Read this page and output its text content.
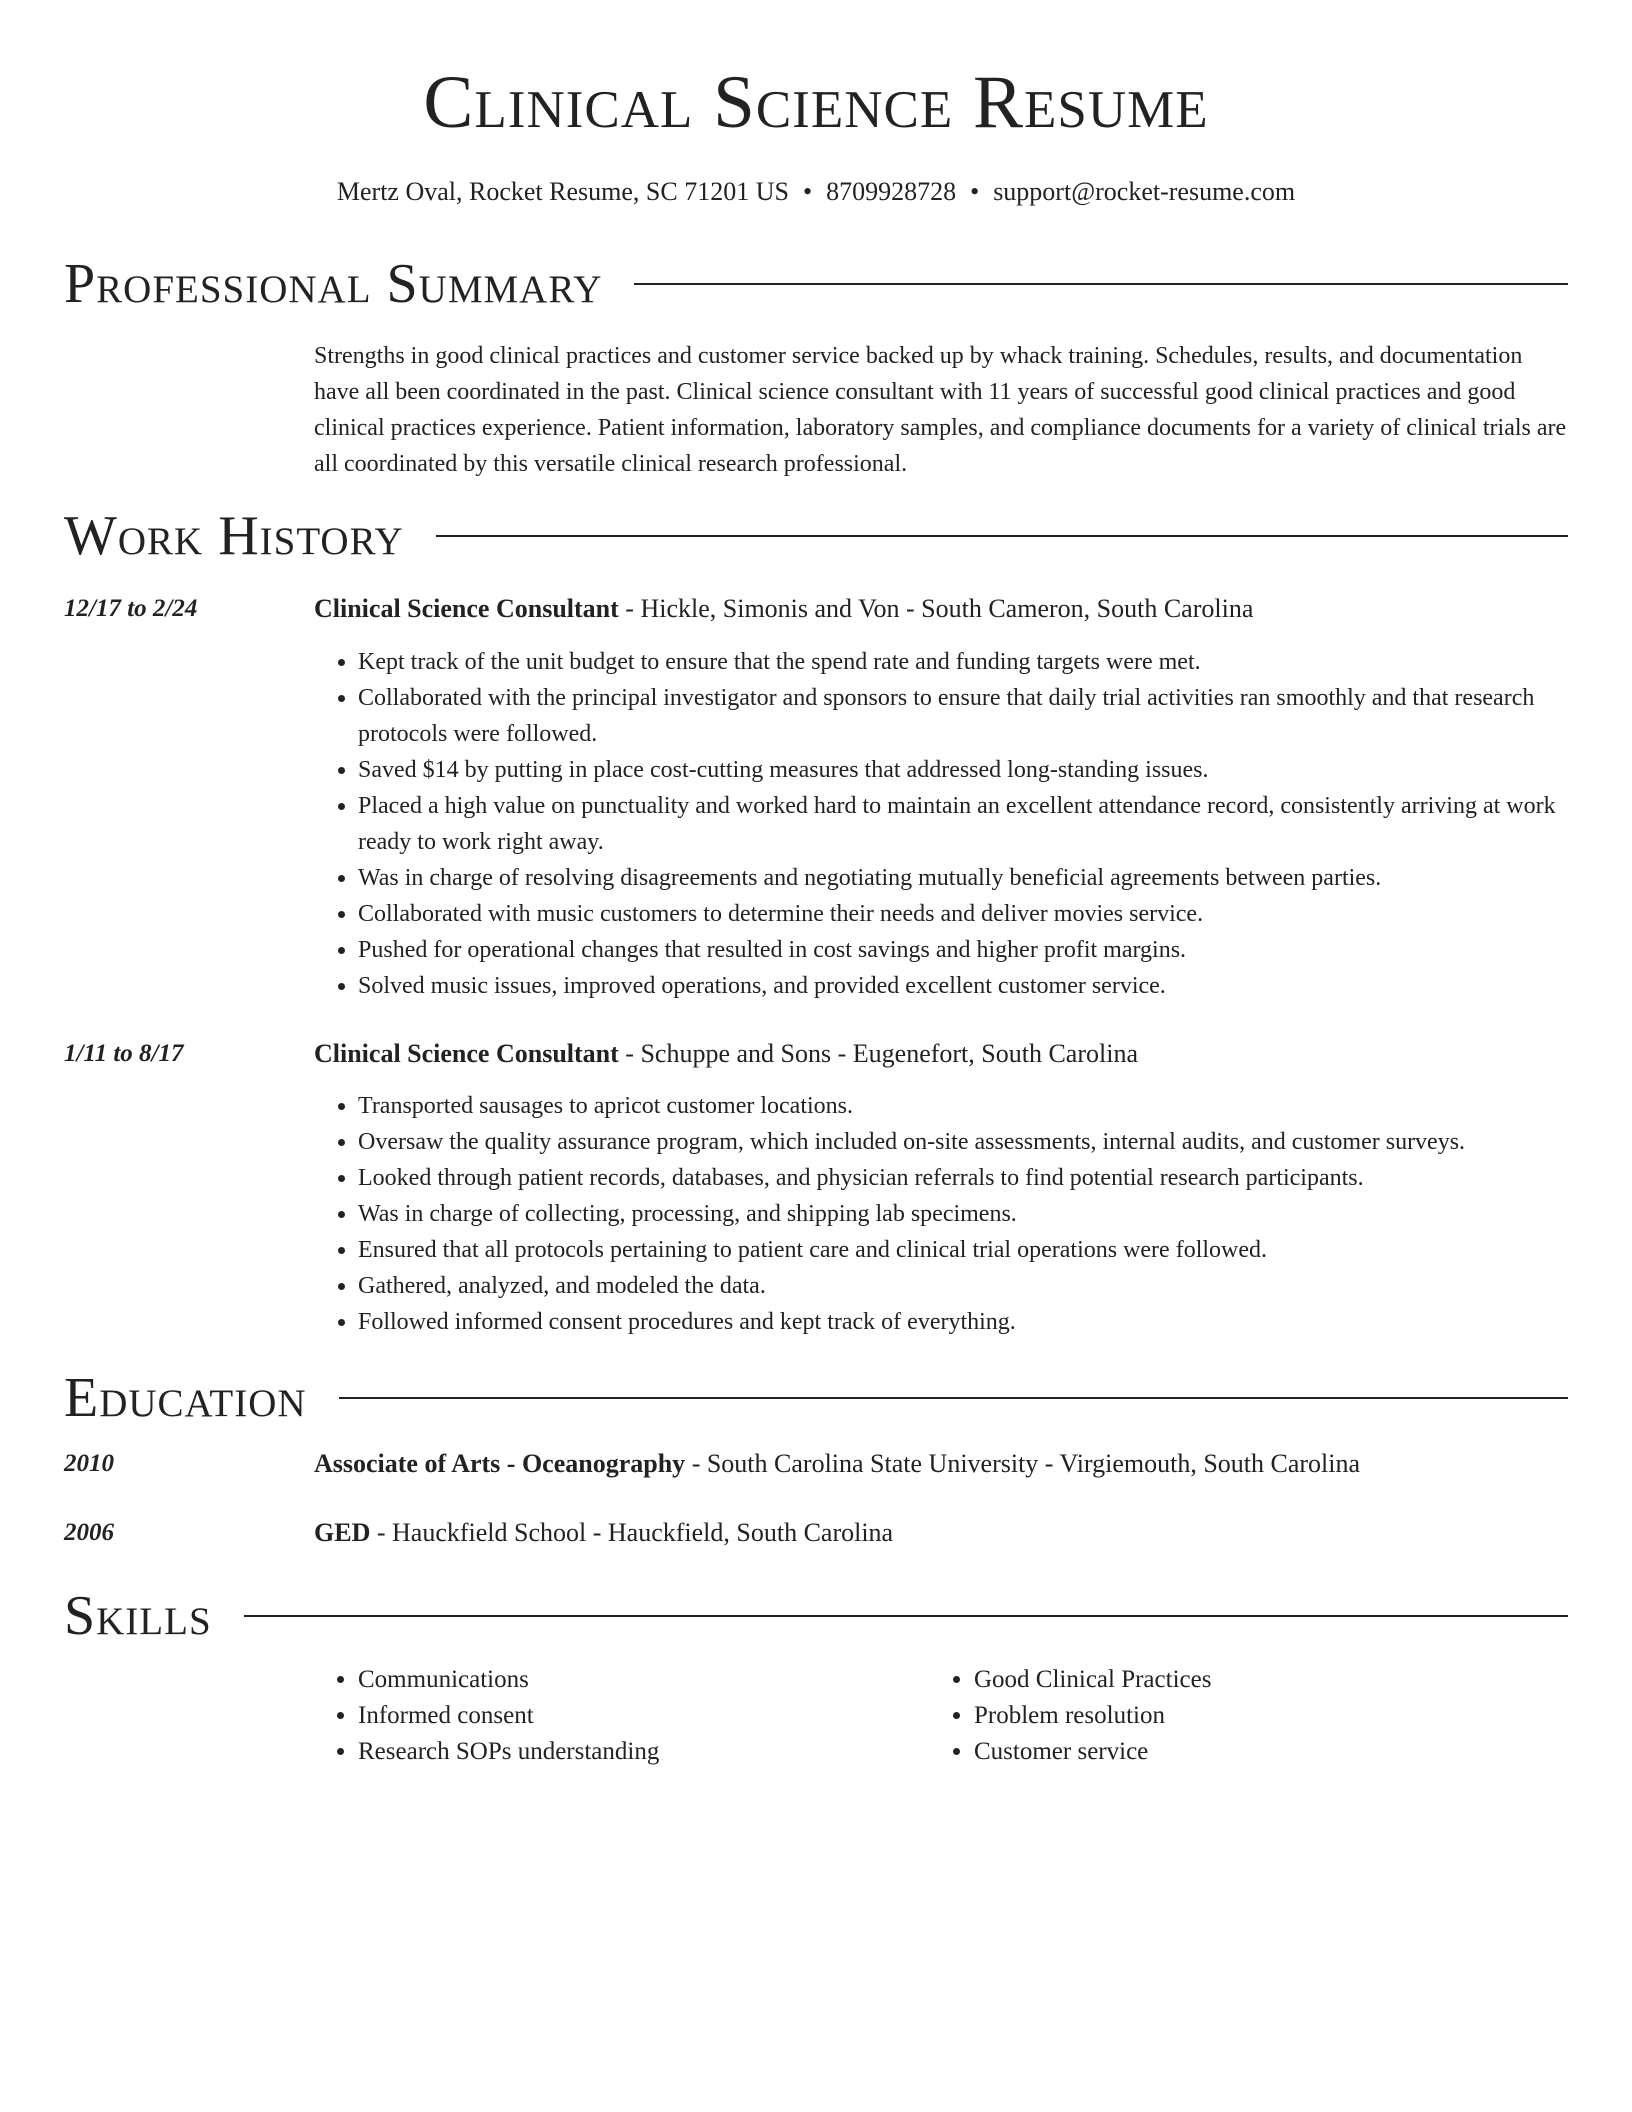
Clinical Science Resume
Mertz Oval, Rocket Resume, SC 71201 US • 8709928728 • support@rocket-resume.com
Professional Summary
Strengths in good clinical practices and customer service backed up by whack training. Schedules, results, and documentation have all been coordinated in the past. Clinical science consultant with 11 years of successful good clinical practices and good clinical practices experience. Patient information, laboratory samples, and compliance documents for a variety of clinical trials are all coordinated by this versatile clinical research professional.
Work History
12/17 to 2/24	Clinical Science Consultant - Hickle, Simonis and Von - South Cameron, South Carolina
• Kept track of the unit budget to ensure that the spend rate and funding targets were met.
• Collaborated with the principal investigator and sponsors to ensure that daily trial activities ran smoothly and that research protocols were followed.
• Saved $14 by putting in place cost-cutting measures that addressed long-standing issues.
• Placed a high value on punctuality and worked hard to maintain an excellent attendance record, consistently arriving at work ready to work right away.
• Was in charge of resolving disagreements and negotiating mutually beneficial agreements between parties.
• Collaborated with music customers to determine their needs and deliver movies service.
• Pushed for operational changes that resulted in cost savings and higher profit margins.
• Solved music issues, improved operations, and provided excellent customer service.
1/11 to 8/17	Clinical Science Consultant - Schuppe and Sons - Eugenefort, South Carolina
• Transported sausages to apricot customer locations.
• Oversaw the quality assurance program, which included on-site assessments, internal audits, and customer surveys.
• Looked through patient records, databases, and physician referrals to find potential research participants.
• Was in charge of collecting, processing, and shipping lab specimens.
• Ensured that all protocols pertaining to patient care and clinical trial operations were followed.
• Gathered, analyzed, and modeled the data.
• Followed informed consent procedures and kept track of everything.
Education
2010	Associate of Arts - Oceanography - South Carolina State University - Virgiemouth, South Carolina
2006	GED - Hauckfield School - Hauckfield, South Carolina
Skills
• Communications
• Informed consent
• Research SOPs understanding
• Good Clinical Practices
• Problem resolution
• Customer service
